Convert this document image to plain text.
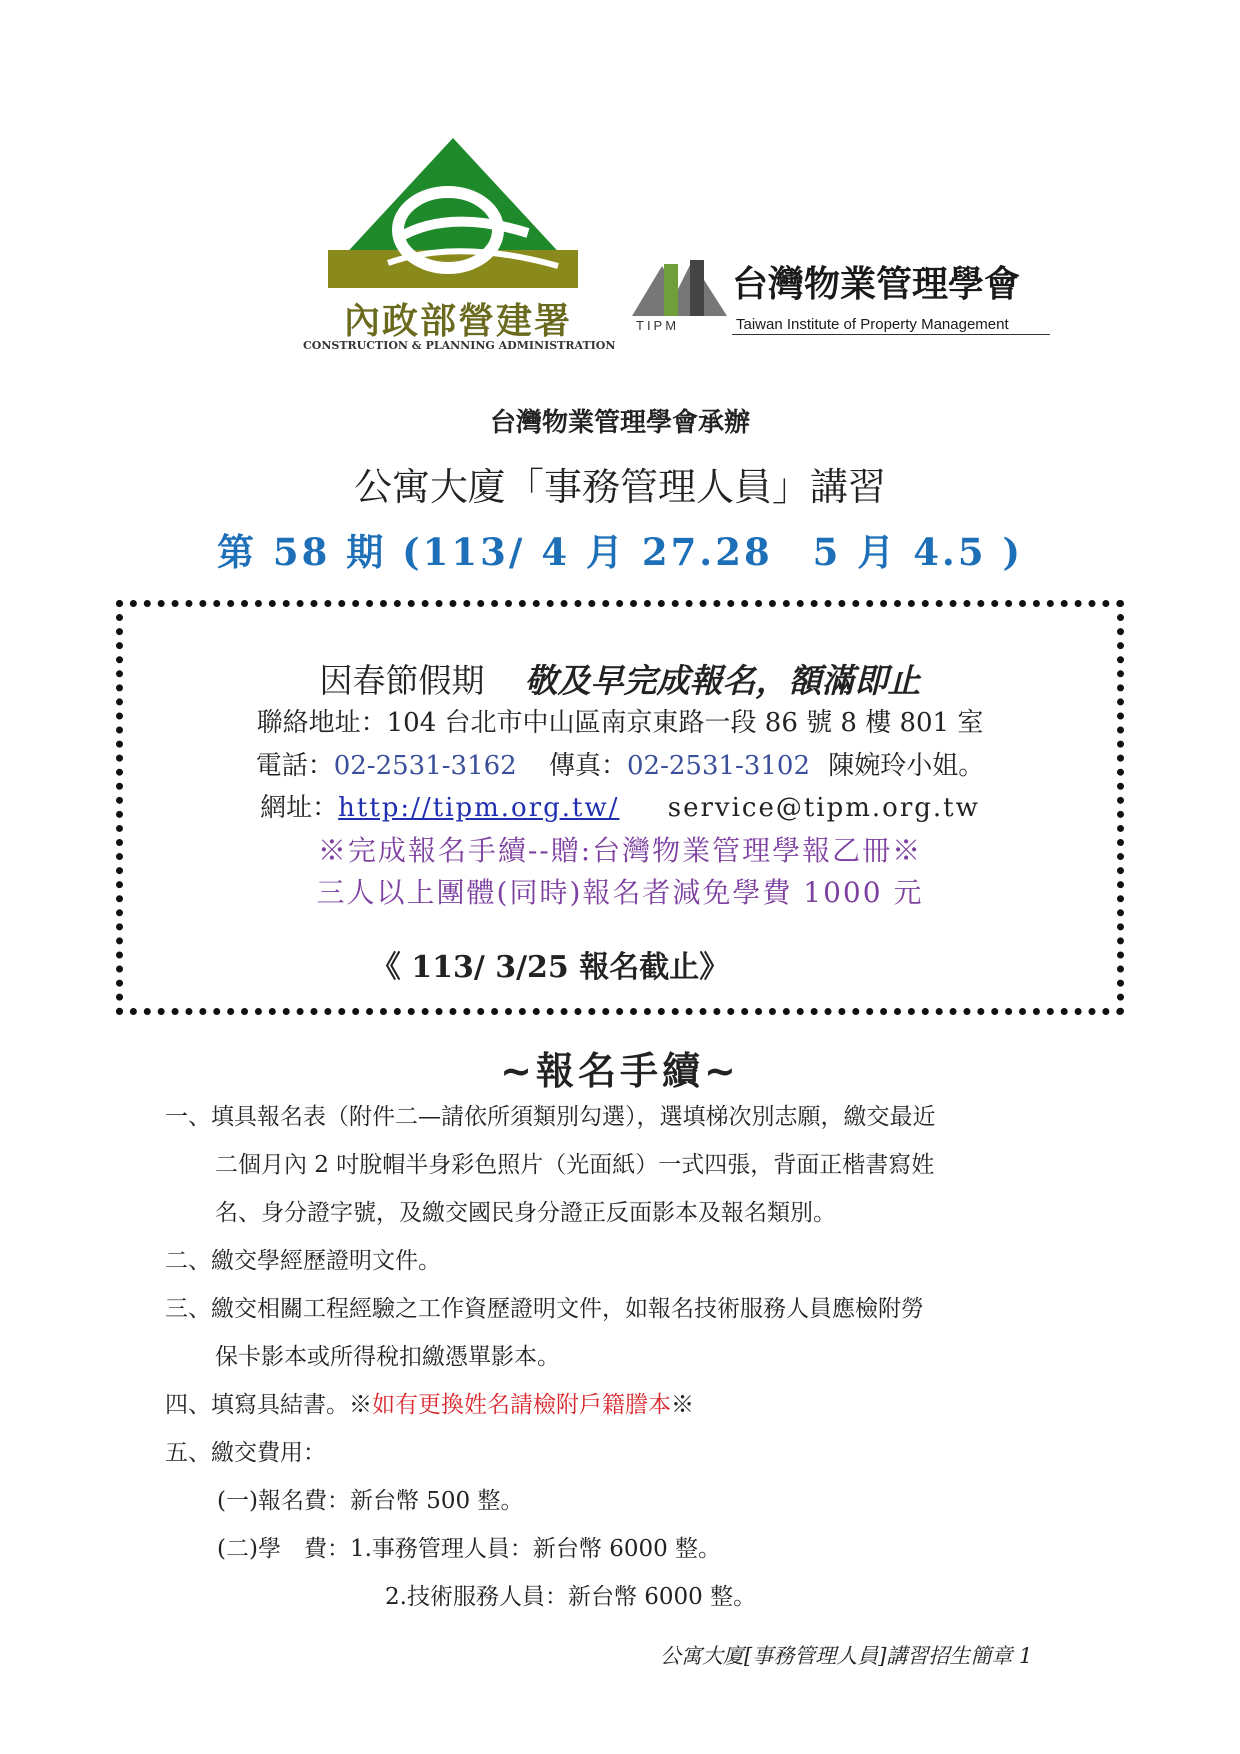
內政部營建署
CONSTRUCTION & PLANNING ADMINISTRATION
TIPM
台灣物業管理學會
Taiwan Institute of Property Management
台灣物業管理學會承辦
公寓大廈「事務管理人員」講習
第 58 期 (113/ 4 月 27.28　5 月 4.5 )
因春節假期 敬及早完成報名，額滿即止
聯絡地址：104 台北市中山區南京東路一段 86 號 8 樓 801 室
電話：02-2531-3162 傳真：02-2531-3102 陳婉玲小姐。
網址：http://tipm.org.tw/ service@tipm.org.tw
※完成報名手續--贈:台灣物業管理學報乙冊※
三人以上團體(同時)報名者減免學費 1000 元
《 113/ 3/25 報名截止》
~報名手續~
一、填具報名表（附件二—請依所須類別勾選），選填梯次別志願，繳交最近
二個月內 2 吋脫帽半身彩色照片（光面紙）一式四張，背面正楷書寫姓
名、身分證字號，及繳交國民身分證正反面影本及報名類別。
二、繳交學經歷證明文件。
三、繳交相關工程經驗之工作資歷證明文件，如報名技術服務人員應檢附勞
保卡影本或所得稅扣繳憑單影本。
四、填寫具結書。※如有更換姓名請檢附戶籍謄本※
五、繳交費用：
(一)報名費：新台幣 500 整。
(二)學　費：1.事務管理人員：新台幣 6000 整。
2.技術服務人員：新台幣 6000 整。
公寓大廈[事務管理人員]講習招生簡章 1
